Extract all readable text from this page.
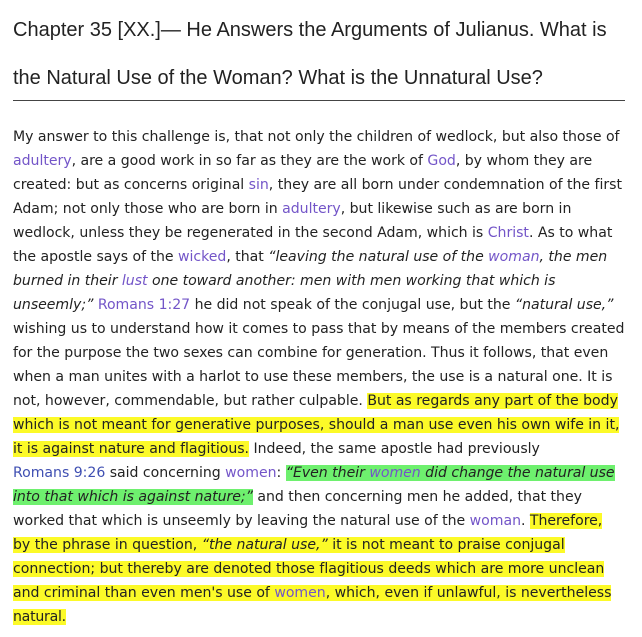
Chapter 35 [XX.]— He Answers the Arguments of Julianus. What is
the Natural Use of the Woman? What is the Unnatural Use?
My answer to this challenge is, that not only the children of wedlock, but also those of
adultery, are a good work in so far as they are the work of God, by whom they are
created: but as concerns original sin, they are all born under condemnation of the first
Adam; not only those who are born in adultery, but likewise such as are born in
wedlock, unless they be regenerated in the second Adam, which is Christ. As to what
the apostle says of the wicked, that “leaving the natural use of the woman, the men
burned in their lust one toward another: men with men working that which is
unseemly;” Romans 1:27 he did not speak of the conjugal use, but the “natural use,”
wishing us to understand how it comes to pass that by means of the members created
for the purpose the two sexes can combine for generation. Thus it follows, that even
when a man unites with a harlot to use these members, the use is a natural one. It is
not, however, commendable, but rather culpable. But as regards any part of the body
which is not meant for generative purposes, should a man use even his own wife in it,
it is against nature and flagitious. Indeed, the same apostle had previously
Romans 9:26 said concerning women: “Even their women did change the natural use
into that which is against nature;” and then concerning men he added, that they
worked that which is unseemly by leaving the natural use of the woman. Therefore,
by the phrase in question, “the natural use,” it is not meant to praise conjugal
connection; but thereby are denoted those flagitious deeds which are more unclean
and criminal than even men's use of women, which, even if unlawful, is nevertheless
natural.
